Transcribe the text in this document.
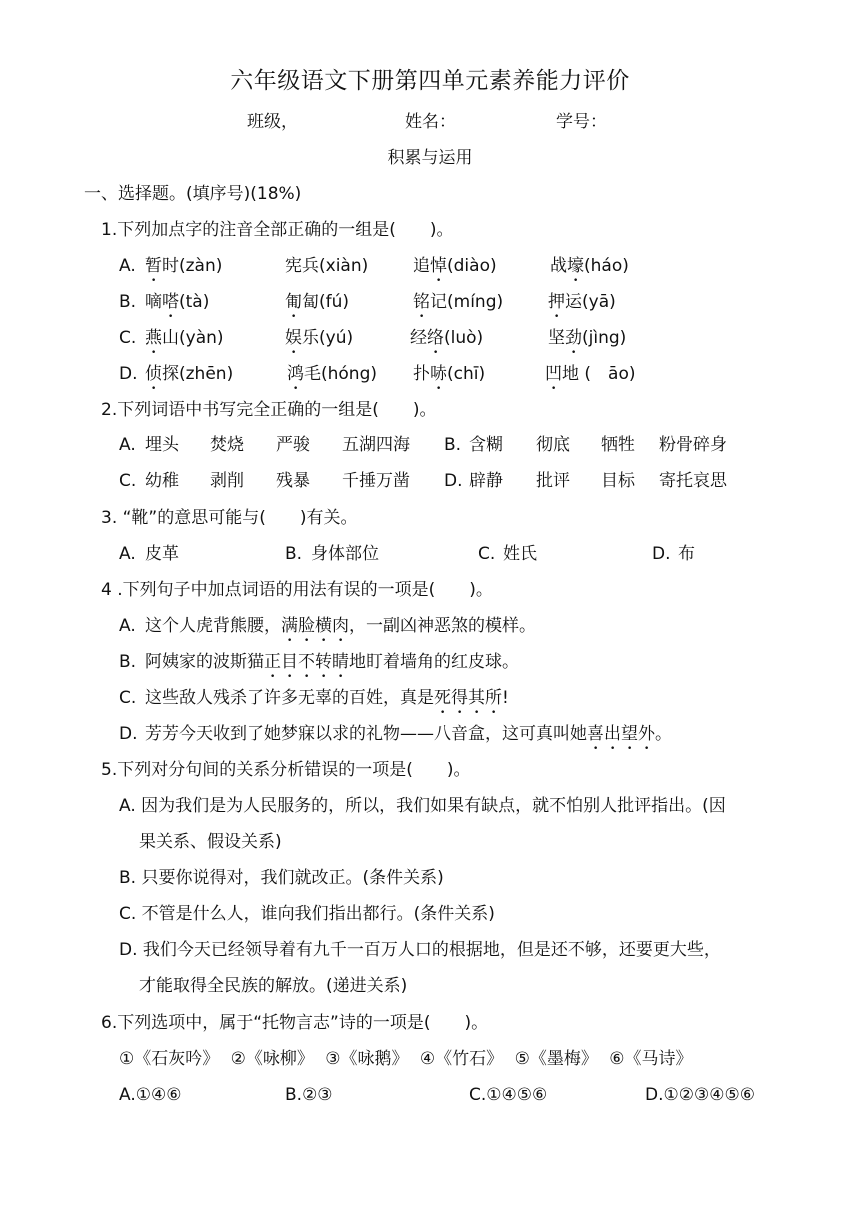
六年级语文下册第四单元素养能力评价
班级，	姓名：	学号：
积累与运用
一、选择题。(填序号)(18%)
1.下列加点字的注音全部正确的一组是(　　)。
A. 暂时(zàn)	宪兵(xiàn)	追悼(diào)	战壕(háo)
B. 嘀嗒(tà)	匍匐(fú)	铭记(míng)	押运(yā)
C. 燕山(yàn)	娱乐(yú)	经络(luò)	坚劲(jìng)
D. 侦探(zhēn)	鸿毛(hóng) 扑哧(chī)	凹地 (　āo)
2.下列词语中书写完全正确的一组是(　　)。
A. 埋头 焚烧 严骏 五湖四海 B. 含糊 彻底 牺牲 粉骨碎身
C. 幼稚 剥削 残暴 千捶万凿 D. 辟静 批评 目标 寄托哀思
3. “靴”的意思可能与(　　)有关。
A. 皮革	B. 身体部位	C. 姓氏	D. 布
4 .下列句子中加点词语的用法有误的一项是(　　)。
A. 这个人虎背熊腰，满脸横肉，一副凶神恶煞的模样。
B. 阿姨家的波斯猫正目不转睛地盯着墙角的红皮球。
C. 这些敌人残杀了许多无辜的百姓，真是死得其所!
D. 芳芳今天收到了她梦寐以求的礼物——八音盒，这可真叫她喜出望外。
5.下列对分句间的关系分析错误的一项是(　　)。
A. 因为我们是为人民服务的，所以，我们如果有缺点，就不怕别人批评指出。(因
果关系、假设关系)
B. 只要你说得对，我们就改正。(条件关系)
C. 不管是什么人，谁向我们指出都行。(条件关系)
D. 我们今天已经领导着有九千一百万人口的根据地，但是还不够，还要更大些，
才能取得全民族的解放。(递进关系)
6.下列选项中，属于“托物言志”诗的一项是(　　)。
①《石灰吟》 ②《咏柳》 ③《咏鹅》 ④《竹石》 ⑤《墨梅》 ⑥《马诗》
A.①④⑥	B.②③	C.①④⑤⑥	D.①②③④⑤⑥
